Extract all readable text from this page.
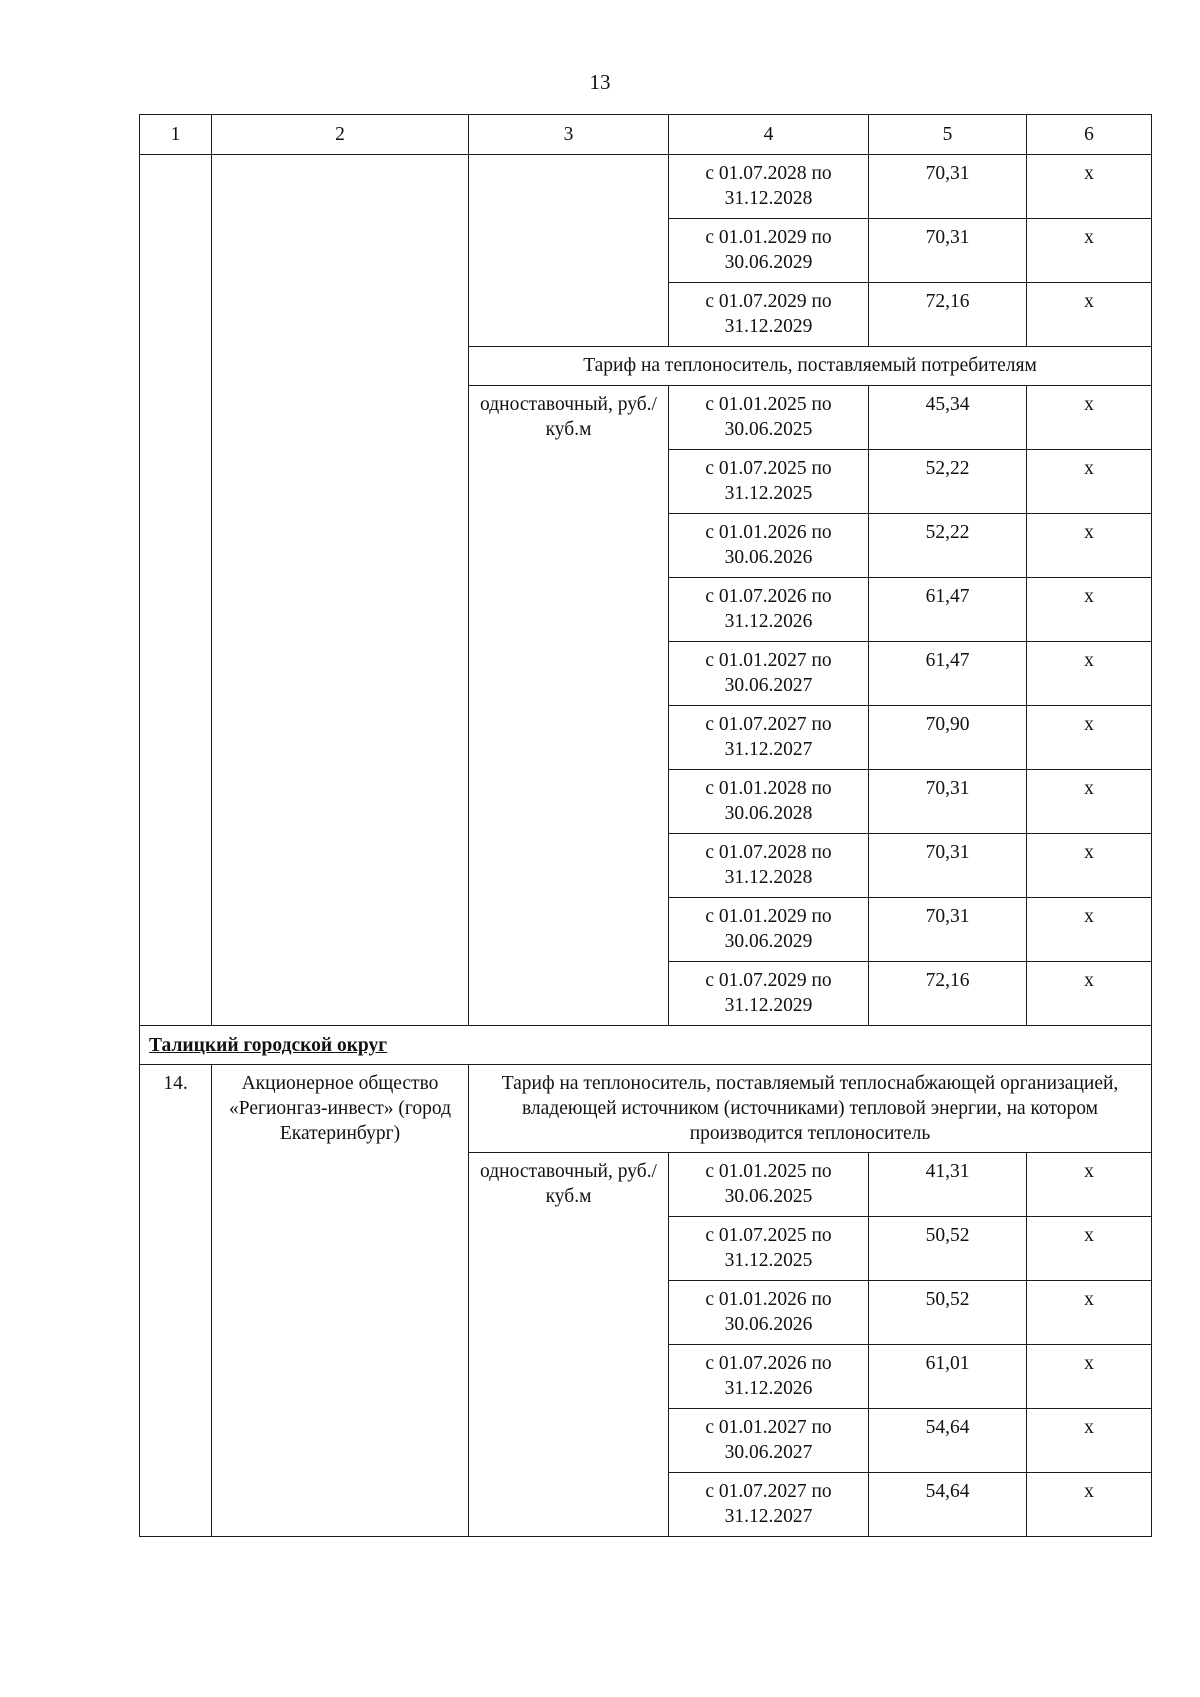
13
1	2	3	4	5	6
			с 01.07.2028 по 31.12.2028	70,31	х
			с 01.01.2029 по 30.06.2029	70,31	х
			с 01.07.2029 по 31.12.2029	72,16	х
		Тариф на теплоноситель, поставляемый потребителям			
		одноставочный, руб./куб.м	с 01.01.2025 по 30.06.2025	45,34	х
			с 01.07.2025 по 31.12.2025	52,22	х
			с 01.01.2026 по 30.06.2026	52,22	х
			с 01.07.2026 по 31.12.2026	61,47	х
			с 01.01.2027 по 30.06.2027	61,47	х
			с 01.07.2027 по 31.12.2027	70,90	х
			с 01.01.2028 по 30.06.2028	70,31	х
			с 01.07.2028 по 31.12.2028	70,31	х
			с 01.01.2029 по 30.06.2029	70,31	х
			с 01.07.2029 по 31.12.2029	72,16	х
Талицкий городской округ					
14.	Акционерное общество «Регионгаз-инвест» (город Екатеринбург)	Тариф на теплоноситель, поставляемый теплоснабжающей организацией, владеющей источником (источниками) тепловой энергии, на котором производится теплоноситель			
		одноставочный, руб./куб.м	с 01.01.2025 по 30.06.2025	41,31	х
			с 01.07.2025 по 31.12.2025	50,52	х
			с 01.01.2026 по 30.06.2026	50,52	х
			с 01.07.2026 по 31.12.2026	61,01	х
			с 01.01.2027 по 30.06.2027	54,64	х
			с 01.07.2027 по 31.12.2027	54,64	х
